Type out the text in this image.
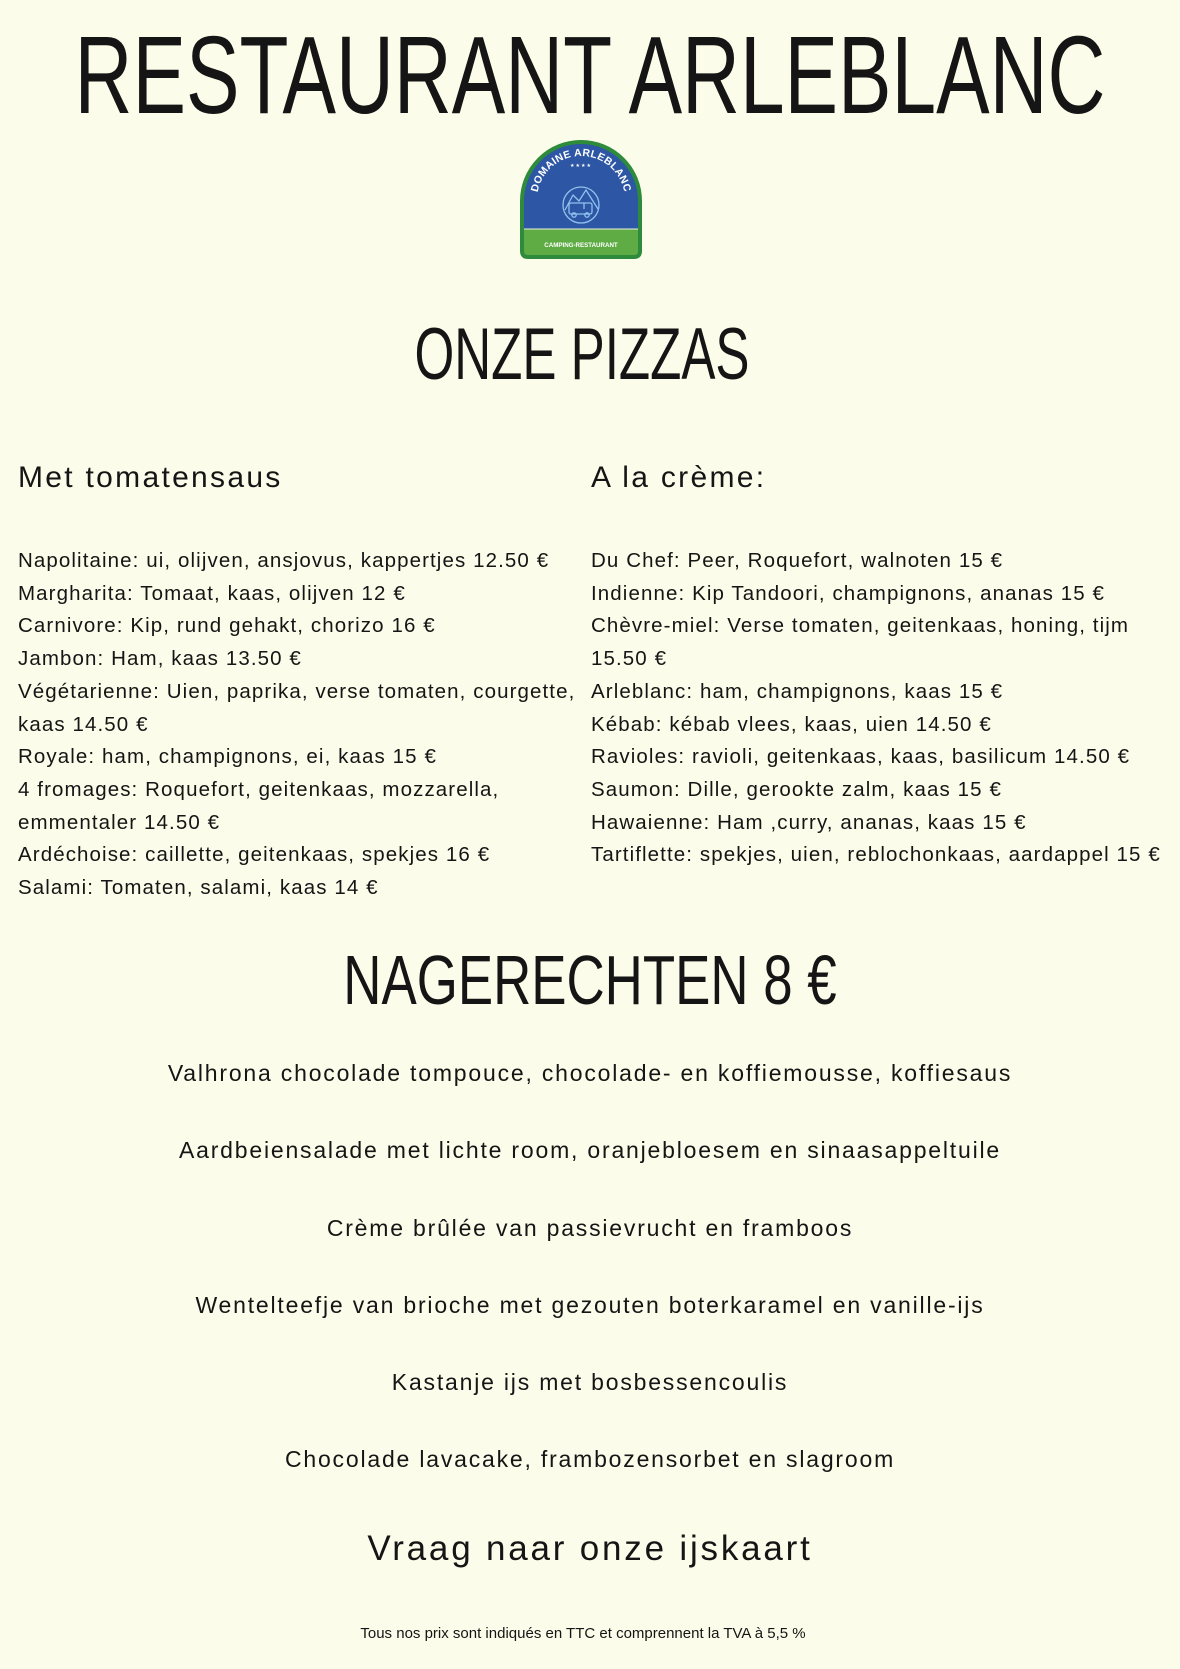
RESTAURANT ARLEBLANC
DOMAINE ARLEBLANC
★★★★
CAMPING-RESTAURANT
ONZE PIZZAS
Met tomatensaus	A la crème:
Napolitaine: ui, olijven, ansjovus, kappertjes 12.50 €
Margharita: Tomaat, kaas, olijven 12 €
Carnivore: Kip, rund gehakt, chorizo 16 €
Jambon: Ham, kaas 13.50 €
Végétarienne: Uien, paprika, verse tomaten, courgette, kaas 14.50 €
Royale: ham, champignons, ei, kaas 15 €
4 fromages: Roquefort, geitenkaas, mozzarella, emmentaler 14.50 €
Ardéchoise: caillette, geitenkaas, spekjes 16 €
Salami: Tomaten, salami, kaas 14 €
Du Chef: Peer, Roquefort, walnoten 15 €
Indienne: Kip Tandoori, champignons, ananas 15 €
Chèvre-miel: Verse tomaten, geitenkaas, honing, tijm 15.50 €
Arleblanc: ham, champignons, kaas 15 €
Kébab: kébab vlees, kaas, uien 14.50 €
Ravioles: ravioli, geitenkaas, kaas, basilicum 14.50 €
Saumon: Dille, gerookte zalm, kaas 15 €
Hawaienne: Ham ,curry, ananas, kaas 15 €
Tartiflette: spekjes, uien, reblochonkaas, aardappel 15 €
NAGERECHTEN 8 €
Valhrona chocolade tompouce, chocolade- en koffiemousse, koffiesaus
Aardbeiensalade met lichte room, oranjebloesem en sinaasappeltuile
Crème brûlée van passievrucht en framboos
Wentelteefje van brioche met gezouten boterkaramel en vanille-ijs
Kastanje ijs met bosbessencoulis
Chocolade lavacake, frambozensorbet en slagroom
Vraag naar onze ijskaart
Tous nos prix sont indiqués en TTC et comprennent la TVA à 5,5 %
